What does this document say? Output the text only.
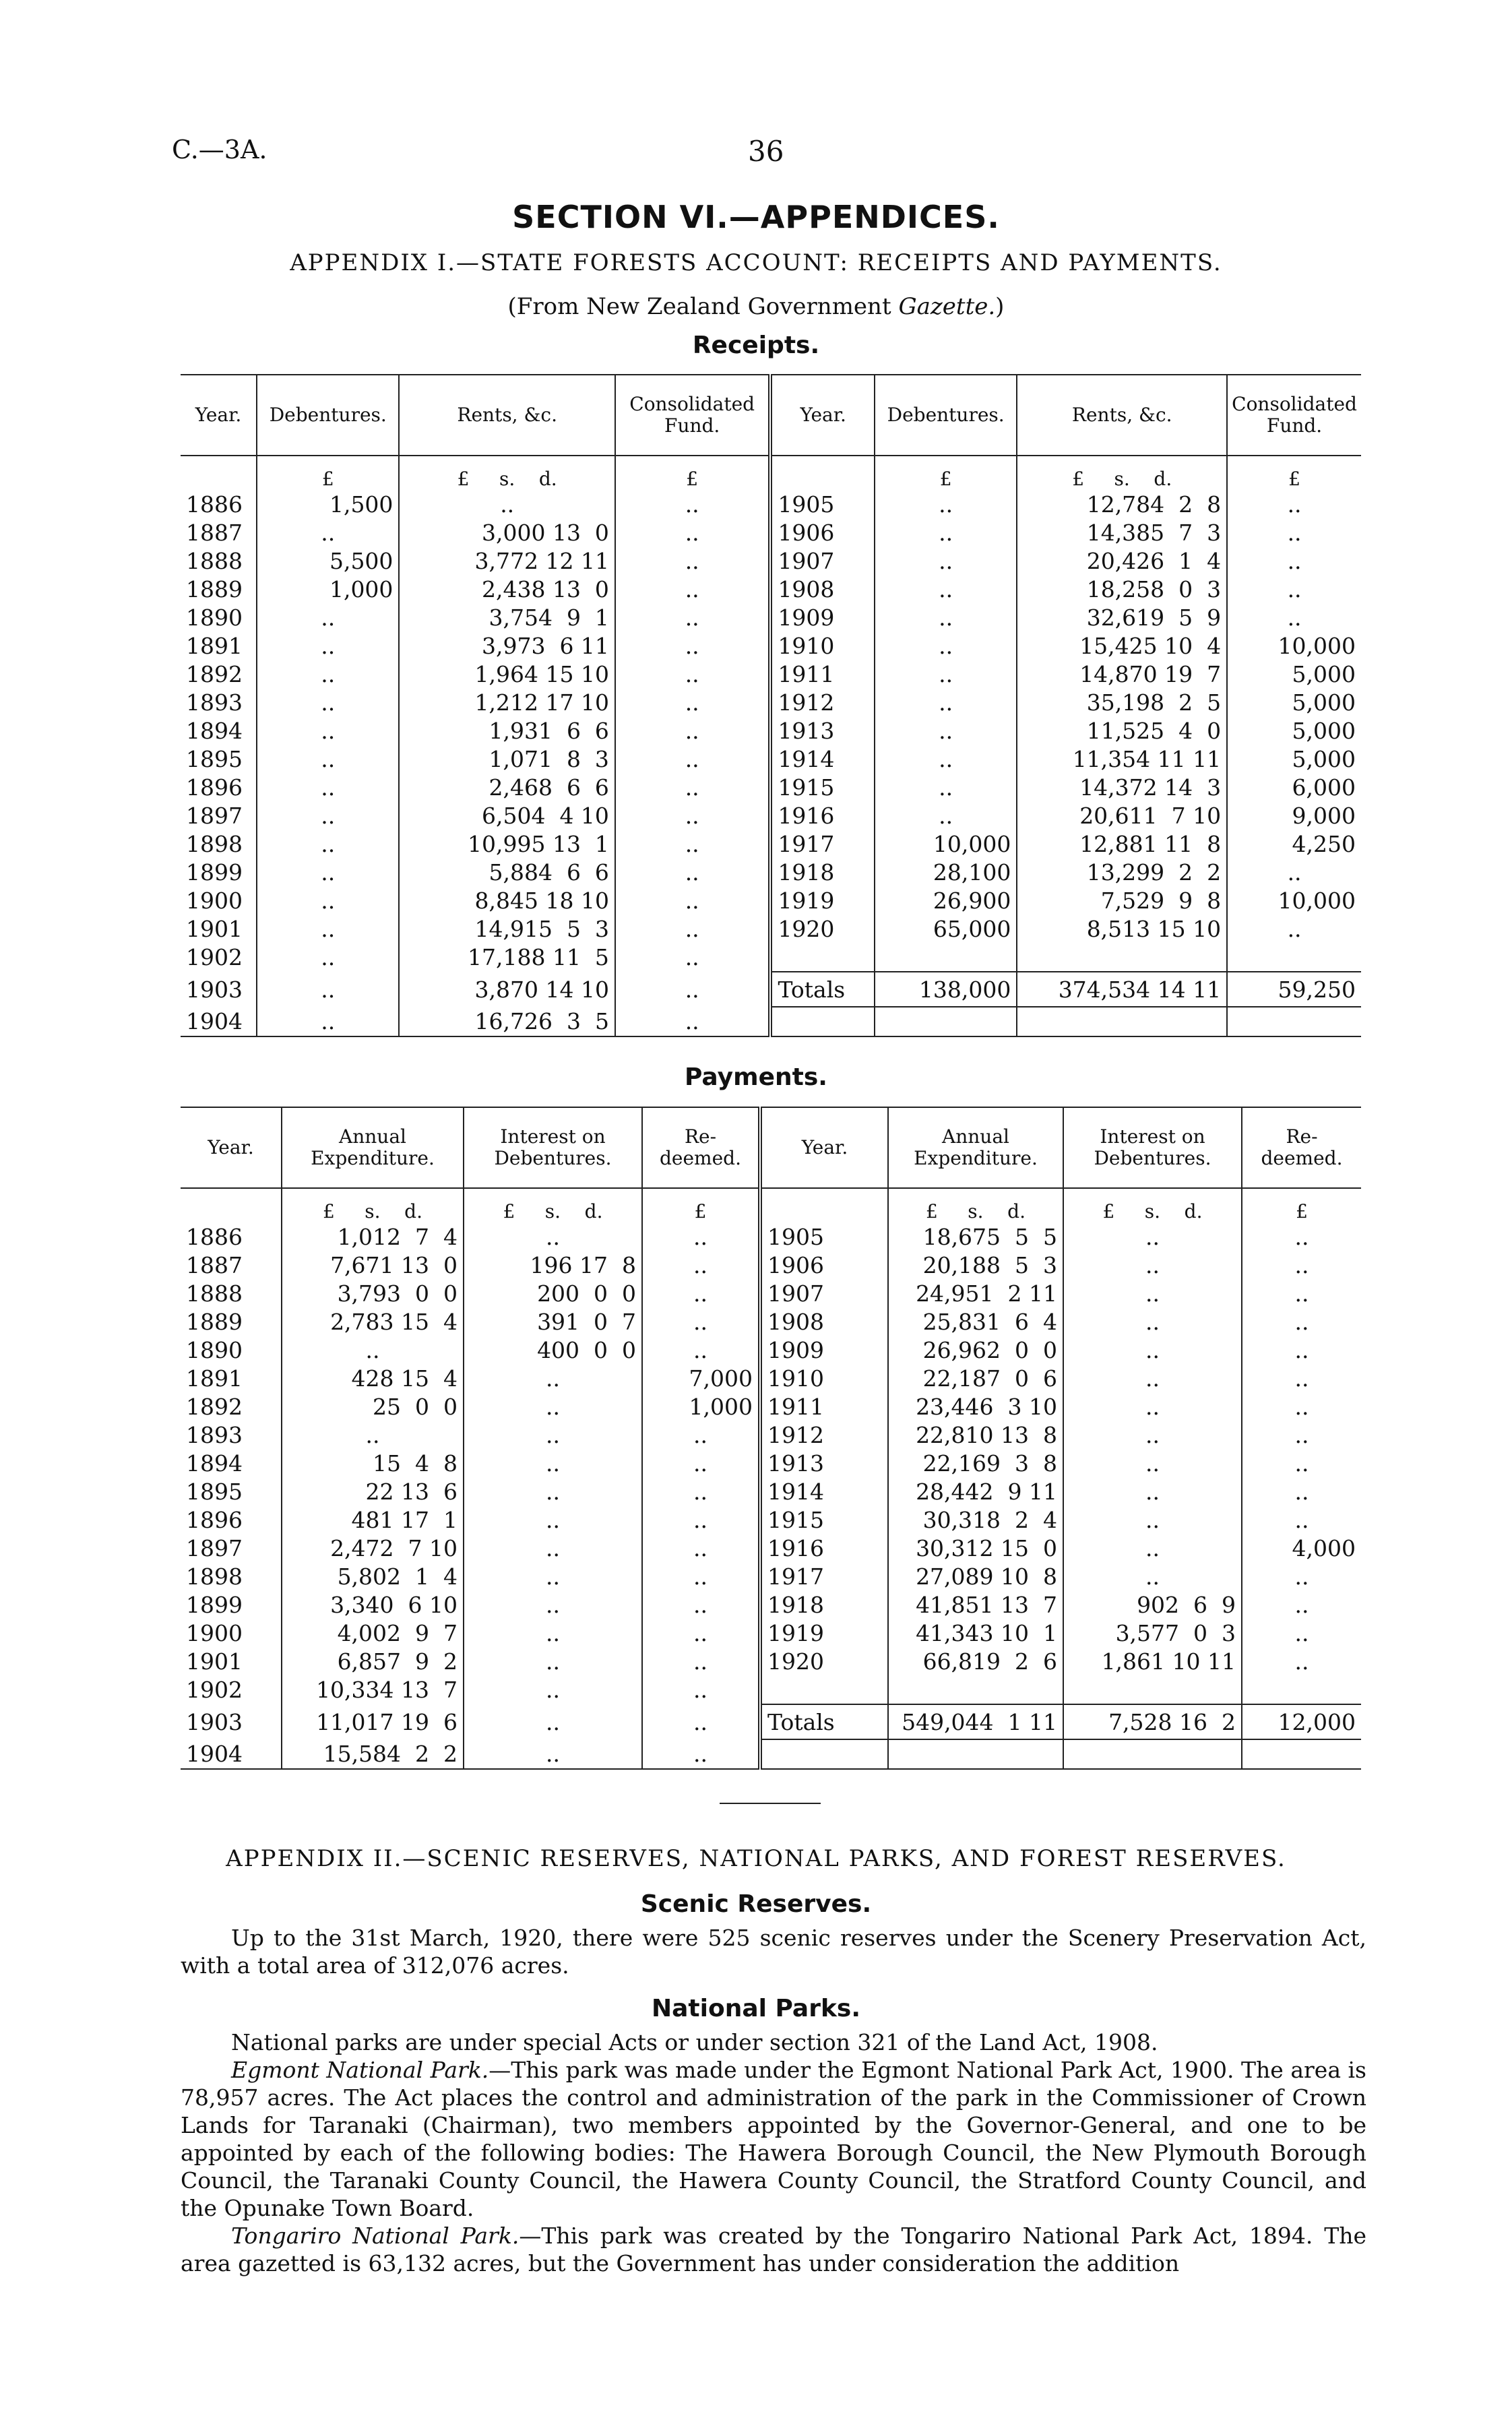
C.—3A.	36
SECTION VI.—APPENDICES.
APPENDIX I.—STATE FORESTS ACCOUNT: RECEIPTS AND PAYMENTS.
(From New Zealand Government Gazette.)
Receipts.
Year.	Debentures.	Rents, &c.	Consolidated Fund.	Year.	Debentures.	Rents, &c.	Consolidated Fund.
	£	£     s.    d.	£		£	£     s.    d.	£
1886	1,500	..	..	1905	..	12,784  2  8	..
1887	..	3,000 13  0	..	1906	..	14,385  7  3	..
1888	5,500	3,772 12 11	..	1907	..	20,426  1  4	..
1889	1,000	2,438 13  0	..	1908	..	18,258  0  3	..
1890	..	3,754  9  1	..	1909	..	32,619  5  9	..
1891	..	3,973  6 11	..	1910	..	15,425 10  4	10,000
1892	..	1,964 15 10	..	1911	..	14,870 19  7	5,000
1893	..	1,212 17 10	..	1912	..	35,198  2  5	5,000
1894	..	1,931  6  6	..	1913	..	11,525  4  0	5,000
1895	..	1,071  8  3	..	1914	..	11,354 11 11	5,000
1896	..	2,468  6  6	..	1915	..	14,372 14  3	6,000
1897	..	6,504  4 10	..	1916	..	20,611  7 10	9,000
1898	..	10,995 13  1	..	1917	10,000	12,881 11  8	4,250
1899	..	5,884  6  6	..	1918	28,100	13,299  2  2	..
1900	..	8,845 18 10	..	1919	26,900	7,529  9  8	10,000
1901	..	14,915  5  3	..	1920	65,000	8,513 15 10	..
1902	..	17,188 11  5	..				
1903	..	3,870 14 10	..	Totals	138,000	374,534 14 11	59,250
1904	..	16,726  3  5	..				
Payments.
Year.	Annual Expenditure.	Interest on Debentures.	Re-deemed.	Year.	Annual Expenditure.	Interest on Debentures.	Re-deemed.
	£     s.    d.	£     s.    d.	£		£     s.    d.	£     s.    d.	£
1886	1,012  7  4	..	..	1905	18,675  5  5	..	..
1887	7,671 13  0	196 17  8	..	1906	20,188  5  3	..	..
1888	3,793  0  0	200  0  0	..	1907	24,951  2 11	..	..
1889	2,783 15  4	391  0  7	..	1908	25,831  6  4	..	..
1890	..	400  0  0	..	1909	26,962  0  0	..	..
1891	428 15  4	..	7,000	1910	22,187  0  6	..	..
1892	25  0  0	..	1,000	1911	23,446  3 10	..	..
1893	..	..	..	1912	22,810 13  8	..	..
1894	15  4  8	..	..	1913	22,169  3  8	..	..
1895	22 13  6	..	..	1914	28,442  9 11	..	..
1896	481 17  1	..	..	1915	30,318  2  4	..	..
1897	2,472  7 10	..	..	1916	30,312 15  0	..	4,000
1898	5,802  1  4	..	..	1917	27,089 10  8	..	..
1899	3,340  6 10	..	..	1918	41,851 13  7	902  6  9	..
1900	4,002  9  7	..	..	1919	41,343 10  1	3,577  0  3	..
1901	6,857  9  2	..	..	1920	66,819  2  6	1,861 10 11	..
1902	10,334 13  7	..	..				
1903	11,017 19  6	..	..	Totals	549,044  1 11	7,528 16  2	12,000
1904	15,584  2  2	..	..				
APPENDIX II.—SCENIC RESERVES, NATIONAL PARKS, AND FOREST RESERVES.
Scenic Reserves.
Up to the 31st March, 1920, there were 525 scenic reserves under the Scenery Preservation Act, with a total area of 312,076 acres.
National Parks.
National parks are under special Acts or under section 321 of the Land Act, 1908.
Egmont National Park.—This park was made under the Egmont National Park Act, 1900. The area is 78,957 acres. The Act places the control and administration of the park in the Commissioner of Crown Lands for Taranaki (Chairman), two members appointed by the Governor-General, and one to be appointed by each of the following bodies: The Hawera Borough Council, the New Plymouth Borough Council, the Taranaki County Council, the Hawera County Council, the Stratford County Council, and the Opunake Town Board.
Tongariro National Park.—This park was created by the Tongariro National Park Act, 1894. The area gazetted is 63,132 acres, but the Government has under consideration the addition
